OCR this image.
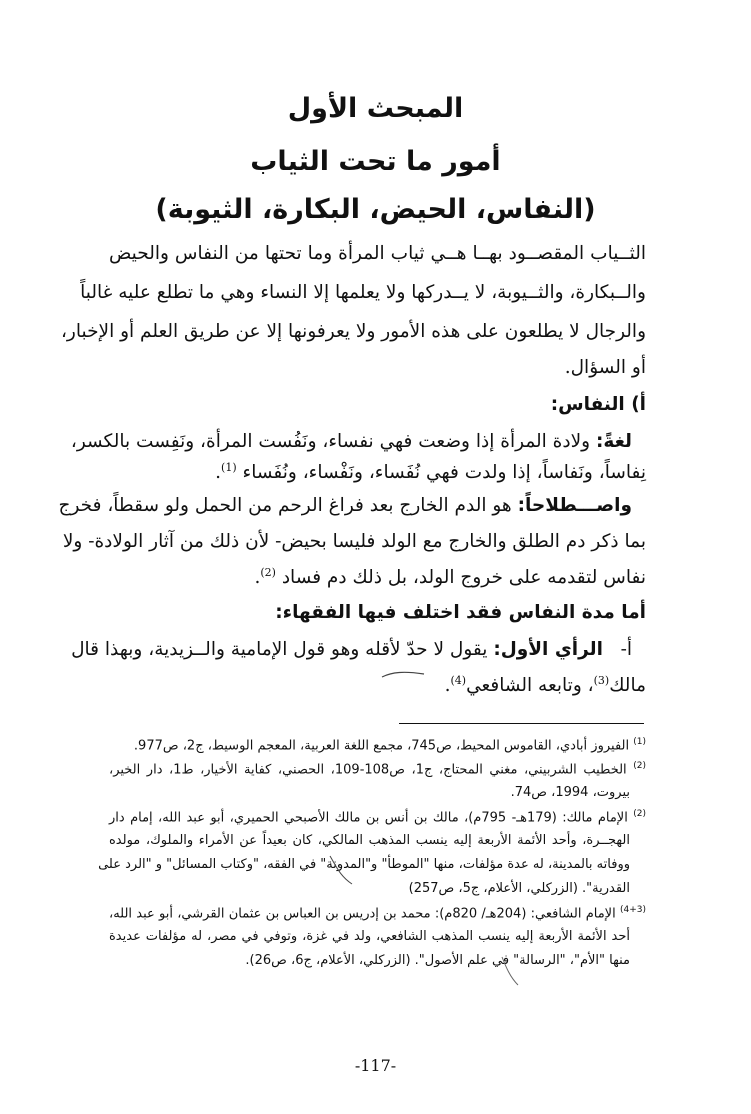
المبحث الأول
أمور ما تحت الثياب
(النفاس، الحيض، البكارة، الثيوبة)
الثــياب المقصــود بهــا هــي ثياب المرأة وما تحتها من النفاس والحيض
والــبكارة، والثــيوبة، لا يــدركها ولا يعلمها إلا النساء وهي ما تطلع عليه غالباً
والرجال لا يطلعون على هذه الأمور ولا يعرفونها إلا عن طريق العلم أو الإخبار،
أو السؤال.
أ) النفاس:
لغةً: ولادة المرأة إذا وضعت فهي نفساء، ونَفُست المرأة، ونَفِست بالكسر،
نِفاساً، ونَفاساً، إذا ولدت فهي نُفَساء، ونَفْساء، ونُفَساء $^{(1)}$.
واصـــطلاحاً: هو الدم الخارج بعد فراغ الرحم من الحمل ولو سقطاً، فخرج
بما ذكر دم الطلق والخارج مع الولد فليسا بحيض- لأن ذلك من آثار الولادة- ولا
نفاس لتقدمه على خروج الولد، بل ذلك دم فساد $^{(2)}$.
أما مدة النفاس فقد اختلف فيها الفقهاء:
أ-   الرأي الأول: يقول لا حدّ لأقله وهو قول الإمامية والــزيدية، وبهذا قال
مالك$^{(3)}$، وتابعه الشافعي$^{(4)}$.
$^{(1)}$ الفيروز أبادي، القاموس المحيط، ص745، مجمع اللغة العربية، المعجم الوسيط، ج2، ص977.
$^{(2)}$ الخطيب الشربيني، مغني المحتاج، ج1، ص108-109، الحصني، كفاية الأخيار، ط1، دار الخير،
بيروت، 1994، ص74.
$^{(2)}$ الإمام مالك: (179هـ- 795م)، مالك بن أنس بن مالك الأصبحي الحميري، أبو عبد الله، إمام دار
الهجــرة، وأحد الأئمة الأربعة إليه ينسب المذهب المالكي، كان بعيداً عن الأمراء والملوك، مولده
ووفاته بالمدينة، له عدة مؤلفات، منها "الموطأ" و"المدونة" في الفقه، "وكتاب المسائل" و "الرد على
القدرية". (الزركلي، الأعلام، ج5، ص257)
$^{(4+3)}$ الإمام الشافعي: (204هـ/ 820م): محمد بن إدريس بن العباس بن عثمان القرشي، أبو عبد الله،
أحد الأئمة الأربعة إليه ينسب المذهب الشافعي، ولد في غزة، وتوفي في مصر، له مؤلفات عديدة
منها "الأم"، "الرسالة" في علم الأصول". (الزركلي، الأعلام، ج6، ص26).
-117-
